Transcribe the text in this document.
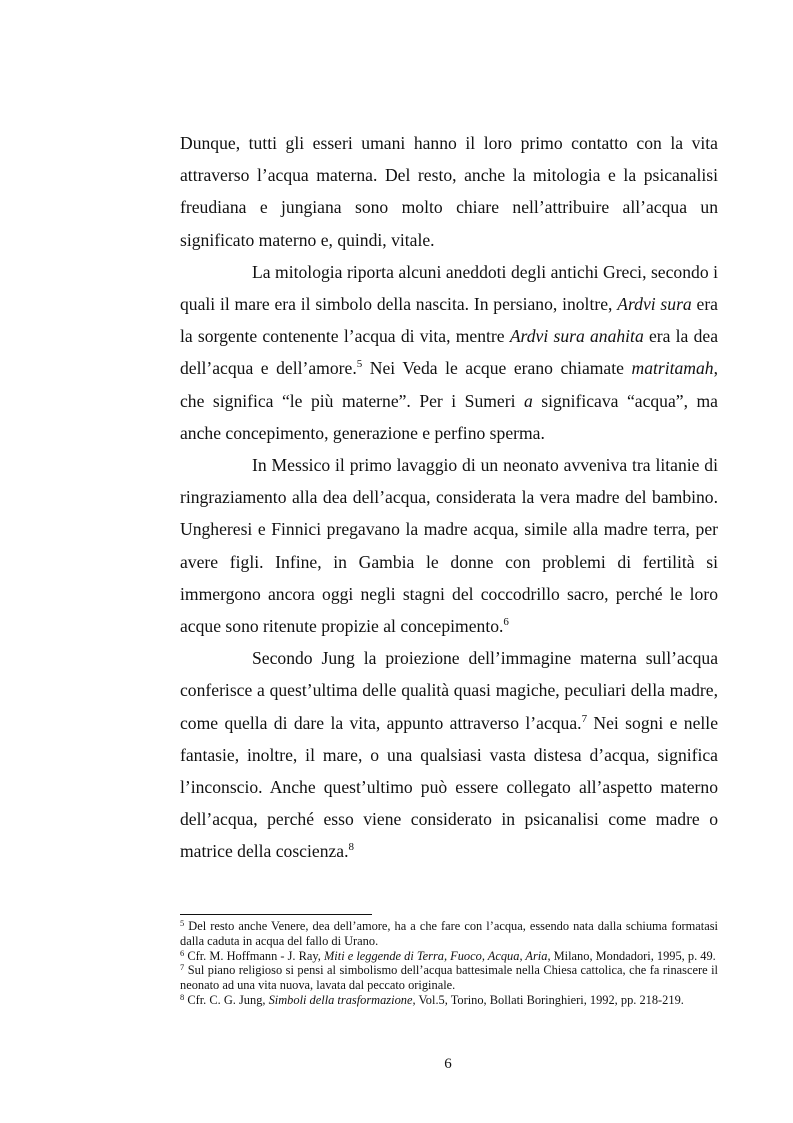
Dunque, tutti gli esseri umani hanno il loro primo contatto con la vita attraverso l’acqua materna. Del resto, anche la mitologia e la psicanalisi freudiana e jungiana sono molto chiare nell’attribuire all’acqua un significato materno e, quindi, vitale.

La mitologia riporta alcuni aneddoti degli antichi Greci, secondo i quali il mare era il simbolo della nascita. In persiano, inoltre, Ardvi sura era la sorgente contenente l’acqua di vita, mentre Ardvi sura anahita era la dea dell’acqua e dell’amore.$^5$ Nei Veda le acque erano chiamate matritamah, che significa “le più materne”. Per i Sumeri a significava “acqua”, ma anche concepimento, generazione e perfino sperma.

In Messico il primo lavaggio di un neonato avveniva tra litanie di ringraziamento alla dea dell’acqua, considerata la vera madre del bambino. Ungheresi e Finnici pregavano la madre acqua, simile alla madre terra, per avere figli. Infine, in Gambia le donne con problemi di fertilità si immergono ancora oggi negli stagni del coccodrillo sacro, perché le loro acque sono ritenute propizie al concepimento.$^6$

Secondo Jung la proiezione dell’immagine materna sull’acqua conferisce a quest’ultima delle qualità quasi magiche, peculiari della madre, come quella di dare la vita, appunto attraverso l’acqua.$^7$ Nei sogni e nelle fantasie, inoltre, il mare, o una qualsiasi vasta distesa d’acqua, significa l’inconscio. Anche quest’ultimo può essere collegato all’aspetto materno dell’acqua, perché esso viene considerato in psicanalisi come madre o matrice della coscienza.$^8$

$^5$ Del resto anche Venere, dea dell’amore, ha a che fare con l’acqua, essendo nata dalla schiuma formatasi dalla caduta in acqua del fallo di Urano.

$^6$ Cfr. M. Hoffmann - J. Ray, Miti e leggende di Terra, Fuoco, Acqua, Aria, Milano, Mondadori, 1995, p. 49.

$^7$ Sul piano religioso si pensi al simbolismo dell’acqua battesimale nella Chiesa cattolica, che fa rinascere il neonato ad una vita nuova, lavata dal peccato originale.

$^8$ Cfr. C. G. Jung, Simboli della trasformazione, Vol.5, Torino, Bollati Boringhieri, 1992, pp. 218-219.

6
